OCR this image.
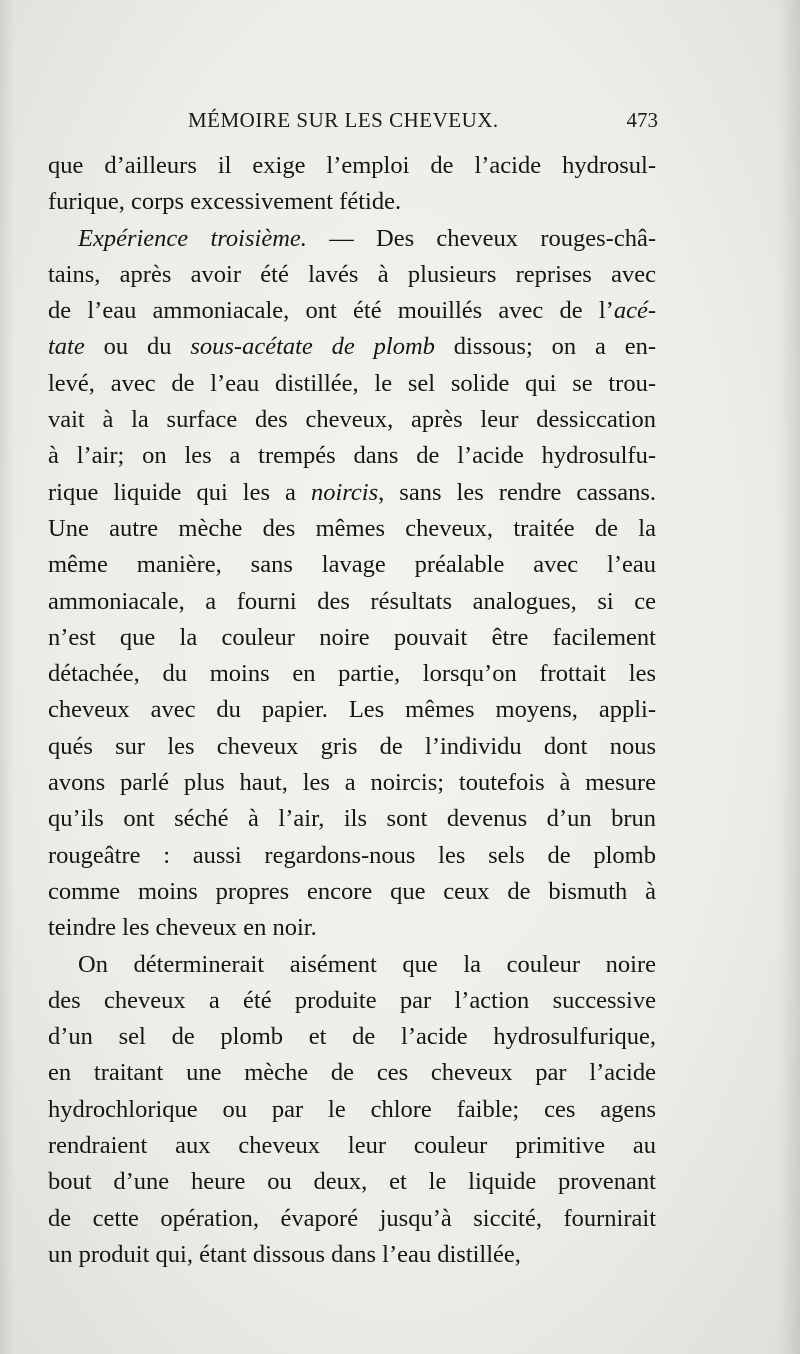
MÉMOIRE SUR LES CHEVEUX.	473
que d’ailleurs il exige l’emploi de l’acide hydrosul-
furique, corps excessivement fétide.
Expérience troisième. — Des cheveux rouges-châ-
tains, après avoir été lavés à plusieurs reprises avec
de l’eau ammoniacale, ont été mouillés avec de l’acé-
tate ou du sous-acétate de plomb dissous; on a en-
levé, avec de l’eau distillée, le sel solide qui se trou-
vait à la surface des cheveux, après leur dessiccation
à l’air; on les a trempés dans de l’acide hydrosulfu-
rique liquide qui les a noircis, sans les rendre cassans.
Une autre mèche des mêmes cheveux, traitée de la
même manière, sans lavage préalable avec l’eau
ammoniacale, a fourni des résultats analogues, si ce
n’est que la couleur noire pouvait être facilement
détachée, du moins en partie, lorsqu’on frottait les
cheveux avec du papier. Les mêmes moyens, appli-
qués sur les cheveux gris de l’individu dont nous
avons parlé plus haut, les a noircis; toutefois à mesure
qu’ils ont séché à l’air, ils sont devenus d’un brun
rougeâtre : aussi regardons-nous les sels de plomb
comme moins propres encore que ceux de bismuth à
teindre les cheveux en noir.
On déterminerait aisément que la couleur noire
des cheveux a été produite par l’action successive
d’un sel de plomb et de l’acide hydrosulfurique,
en traitant une mèche de ces cheveux par l’acide
hydrochlorique ou par le chlore faible; ces agens
rendraient aux cheveux leur couleur primitive au
bout d’une heure ou deux, et le liquide provenant
de cette opération, évaporé jusqu’à siccité, fournirait
un produit qui, étant dissous dans l’eau distillée,
